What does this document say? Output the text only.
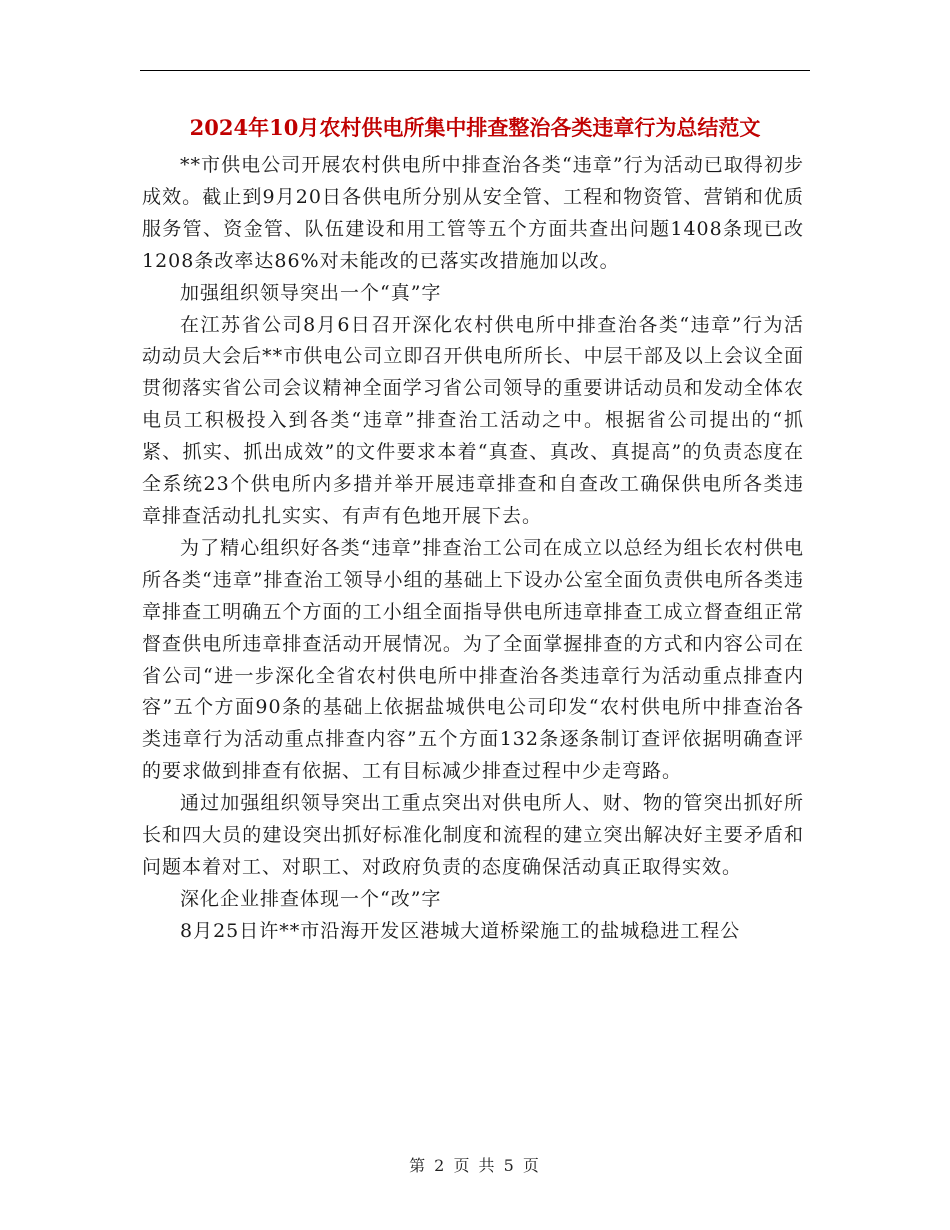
2024年10月农村供电所集中排查整治各类违章行为总结范文

**市供电公司开展农村供电所中排查治各类“违章”行为活动已取得初步成效。截止到9月20日各供电所分别从安全管、工程和物资管、营销和优质服务管、资金管、队伍建设和用工管等五个方面共查出问题1408条现已改1208条改率达86%对未能改的已落实改措施加以改。

加强组织领导突出一个“真”字

在江苏省公司8月6日召开深化农村供电所中排查治各类“违章”行为活动动员大会后**市供电公司立即召开供电所所长、中层干部及以上会议全面贯彻落实省公司会议精神全面学习省公司领导的重要讲话动员和发动全体农电员工积极投入到各类“违章”排查治工活动之中。根据省公司提出的“抓紧、抓实、抓出成效”的文件要求本着“真查、真改、真提高”的负责态度在全系统23个供电所内多措并举开展违章排查和自查改工确保供电所各类违章排查活动扎扎实实、有声有色地开展下去。

为了精心组织好各类“违章”排查治工公司在成立以总经为组长农村供电所各类“违章”排查治工领导小组的基础上下设办公室全面负责供电所各类违章排查工明确五个方面的工小组全面指导供电所违章排查工成立督查组正常督查供电所违章排查活动开展情况。为了全面掌握排查的方式和内容公司在省公司“进一步深化全省农村供电所中排查治各类违章行为活动重点排查内容”五个方面90条的基础上依据盐城供电公司印发“农村供电所中排查治各类违章行为活动重点排查内容”五个方面132条逐条制订查评依据明确查评的要求做到排查有依据、工有目标减少排查过程中少走弯路。

通过加强组织领导突出工重点突出对供电所人、财、物的管突出抓好所长和四大员的建设突出抓好标准化制度和流程的建立突出解决好主要矛盾和问题本着对工、对职工、对政府负责的态度确保活动真正取得实效。

深化企业排查体现一个“改”字

8月25日许**市沿海开发区港城大道桥梁施工的盐城稳进工程公

第 2 页 共 5 页
